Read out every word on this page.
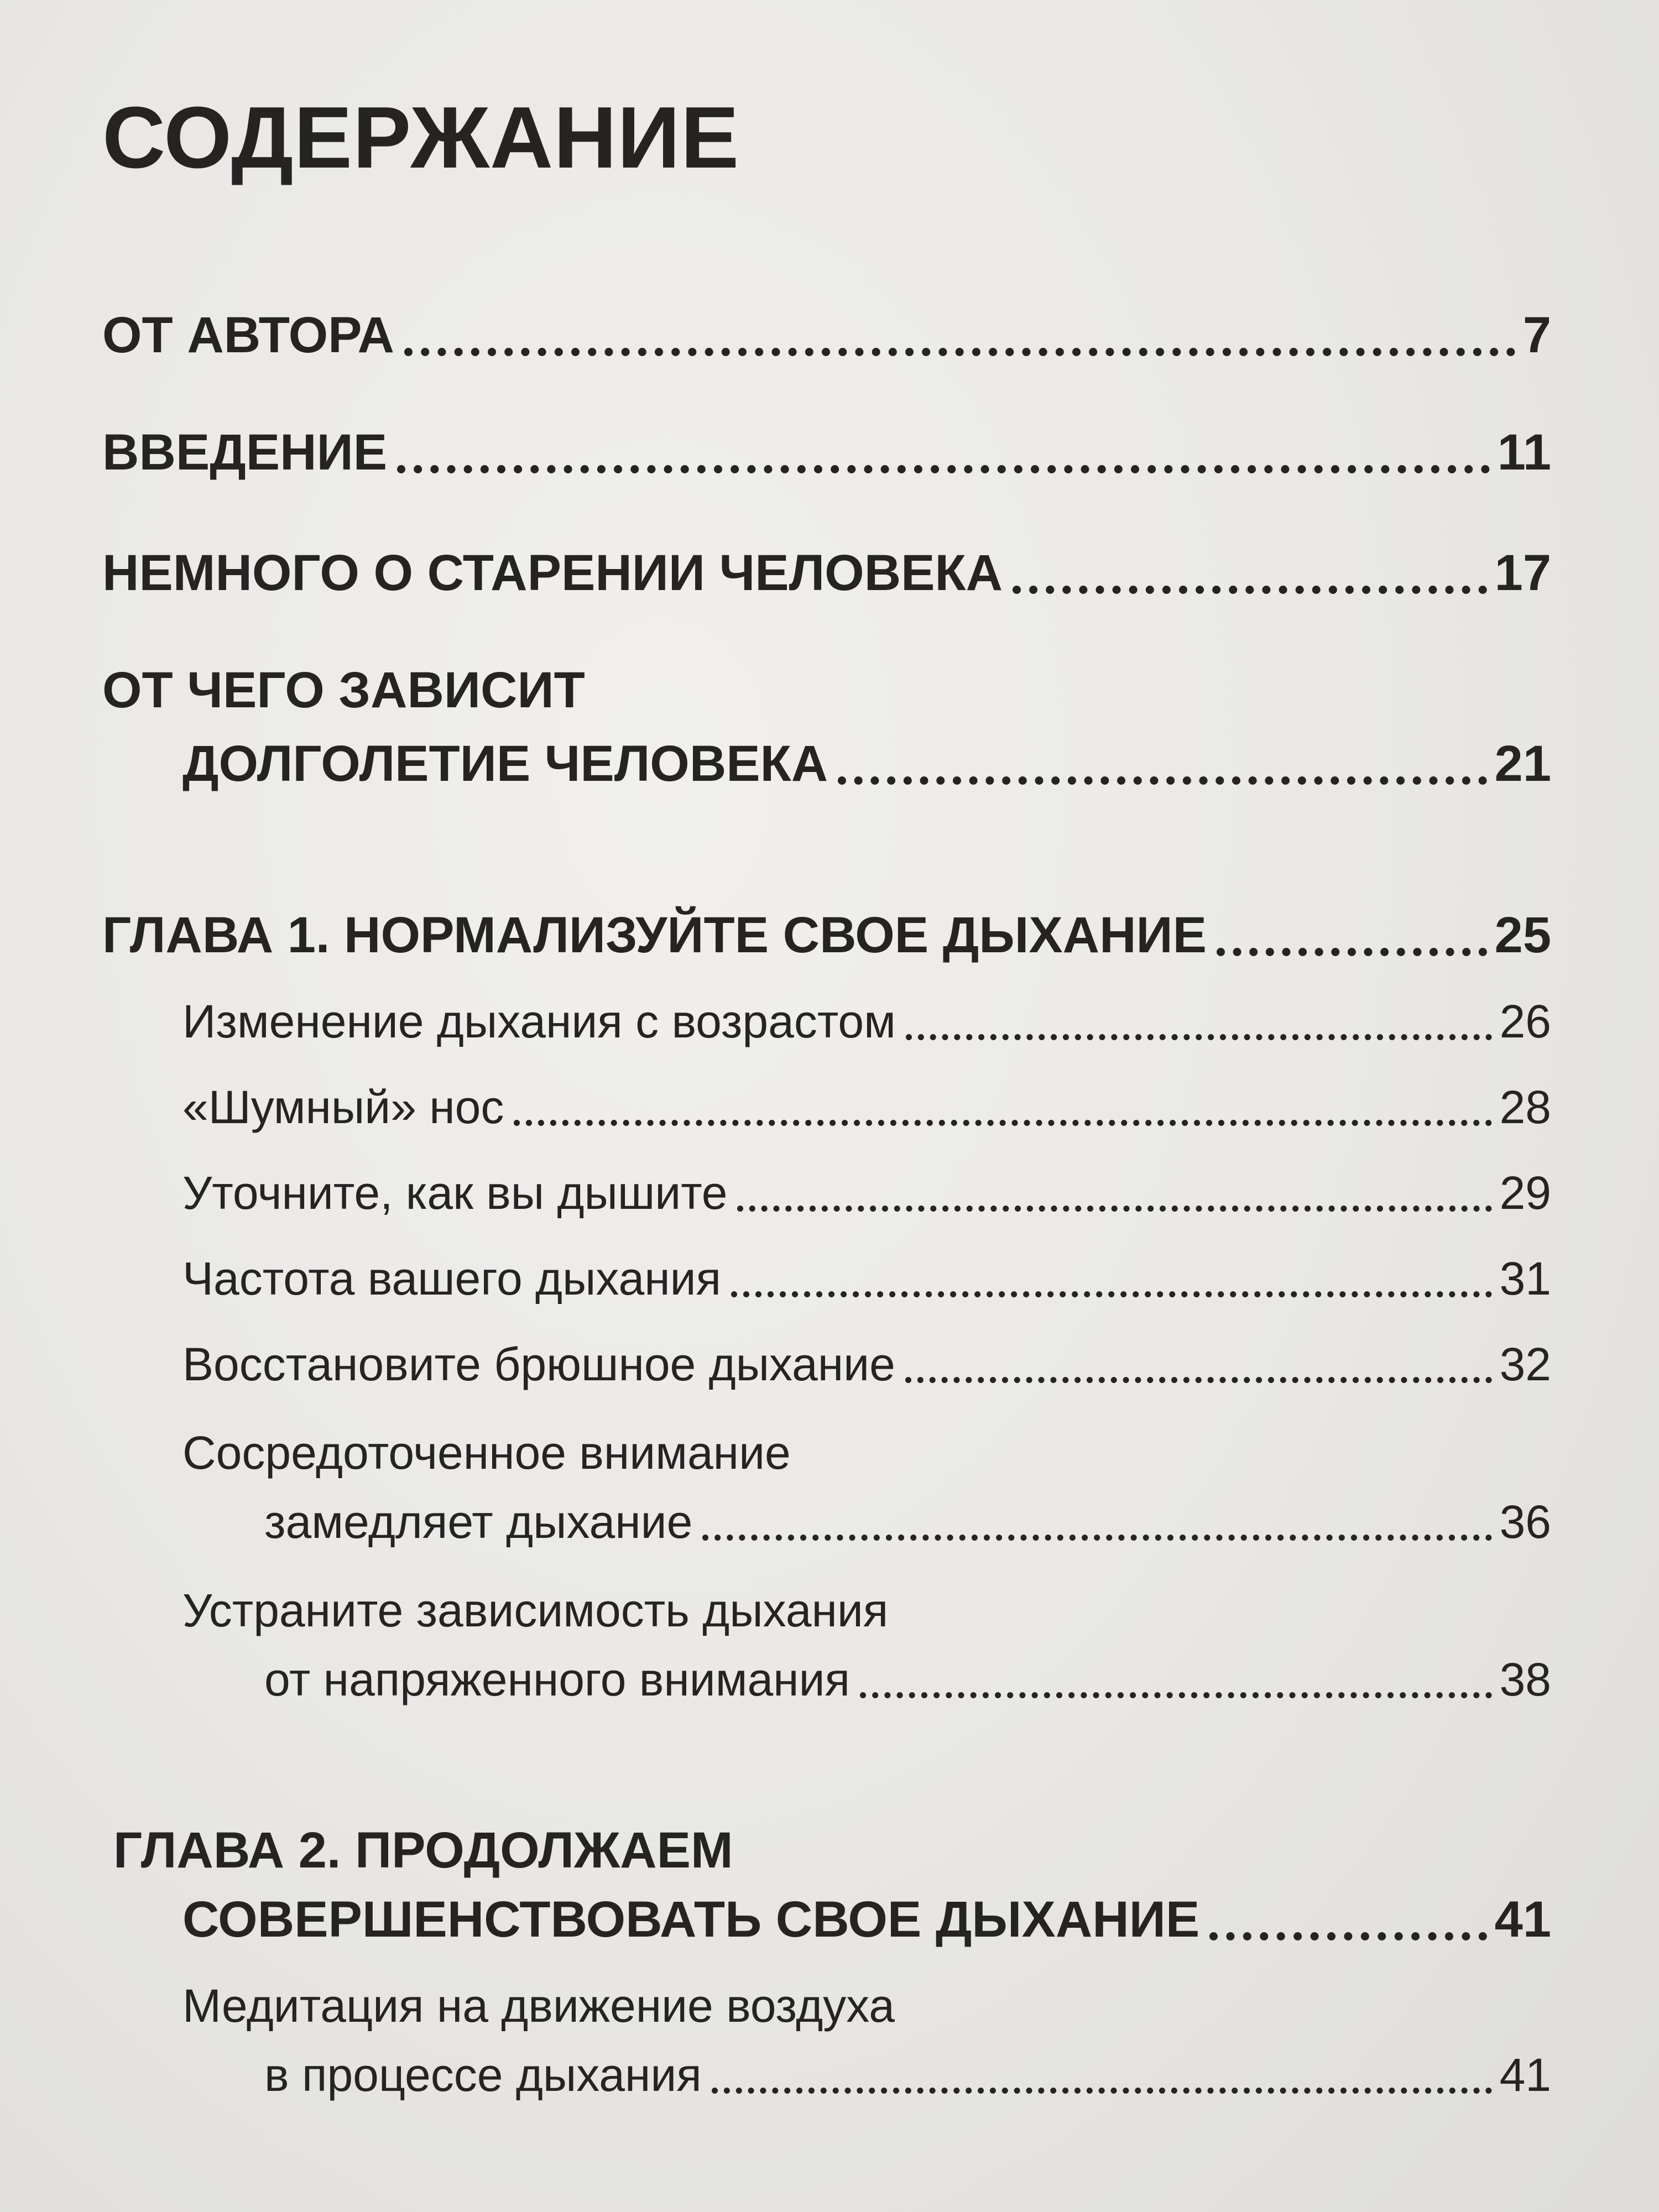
СОДЕРЖАНИЕ
ОТ АВТОРА	7
ВВЕДЕНИЕ	11
НЕМНОГО О СТАРЕНИИ ЧЕЛОВЕКА	17
ОТ ЧЕГО ЗАВИСИТ
ДОЛГОЛЕТИЕ ЧЕЛОВЕКА	21
ГЛАВА 1. НОРМАЛИЗУЙТЕ СВОЕ ДЫХАНИЕ	25
Изменение дыхания с возрастом	26
«Шумный» нос	28
Уточните, как вы дышите	29
Частота вашего дыхания	31
Восстановите брюшное дыхание	32
Сосредоточенное внимание
замедляет дыхание	36
Устраните зависимость дыхания
от напряженного внимания	38
ГЛАВА 2. ПРОДОЛЖАЕМ
СОВЕРШЕНСТВОВАТЬ СВОЕ ДЫХАНИЕ	41
Медитация на движение воздуха
в процессе дыхания	41
